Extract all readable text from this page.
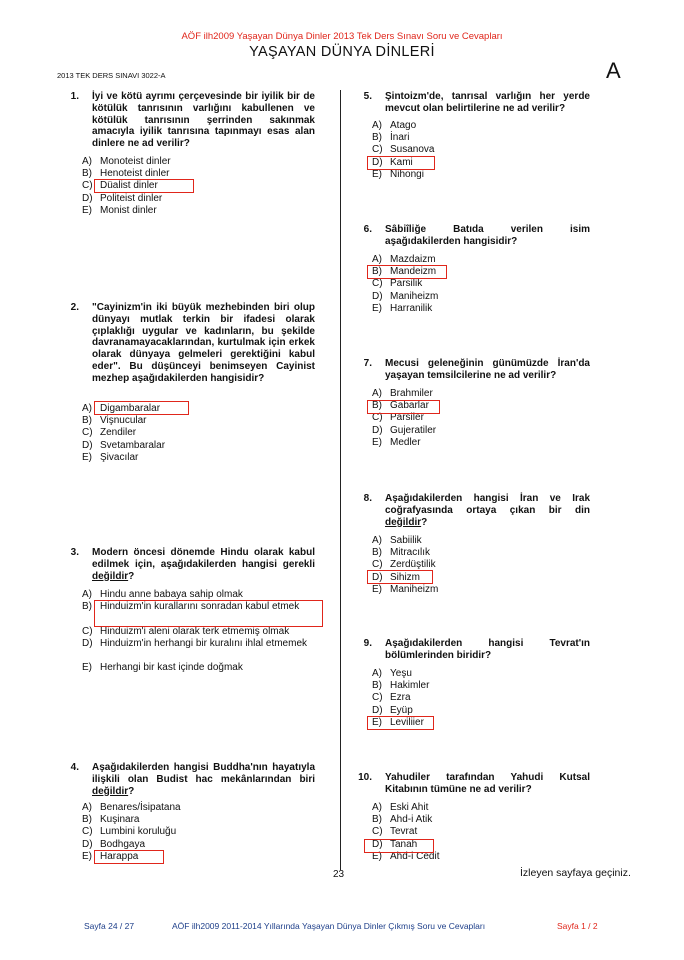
AÖF ilh2009 Yaşayan Dünya Dinler 2013 Tek Ders Sınavı Soru ve Cevapları
YAŞAYAN DÜNYA DİNLERİ
2013 TEK DERS SINAVI 3022-A	A
1. İyi ve kötü ayrımı çerçevesinde bir iyilik bir de kötülük tanrısının varlığını kabullenen ve kötülük tanrısının şerrinden sakınmak amacıyla iyilik tanrısına tapınmayı esas alan dinlere ne ad verilir?
A) Monoteist dinler
B) Henoteist dinler
C) Düalist dinler
D) Politeist dinler
E) Monist dinler
2. "Cayinizm'in iki büyük mezhebinden biri olup dünyayı mutlak terkin bir ifadesi olarak çıplaklığı uygular ve kadınların, bu şekilde davranamayacaklarından, kurtulmak için erkek olarak dünyaya gelmeleri gerektiğini kabul eder". Bu düşünceyi benimseyen Cayinist mezhep aşağıdakilerden hangisidir?
A) Digambaralar
B) Vişnucular
C) Zendiler
D) Svetambaralar
E) Şivacılar
3. Modern öncesi dönemde Hindu olarak kabul edilmek için, aşağıdakilerden hangisi gerekli değildir?
A) Hindu anne babaya sahip olmak
B) Hinduizm'in kurallarını sonradan kabul etmek
C) Hinduizm'i aleni olarak terk etmemiş olmak
D) Hinduizm'in herhangi bir kuralını ihlal etmemek
E) Herhangi bir kast içinde doğmak
4. Aşağıdakilerden hangisi Buddha'nın hayatıyla ilişkili olan Budist hac mekânlarından biri değildir?
A) Benares/İsipatana
B) Kuşinara
C) Lumbini koruluğu
D) Bodhgaya
E) Harappa
5. Şintoizm'de, tanrısal varlığın her yerde mevcut olan belirtilerine ne ad verilir?
A) Atago
B) İnari
C) Susanova
D) Kami
E) Nihongi
6. Sâbiîliğe Batıda verilen isim aşağıdakilerden hangisidir?
A) Mazdaizm
B) Mandeizm
C) Parsilik
D) Maniheizm
E) Harranilik
7. Mecusi geleneğinin günümüzde İran'da yaşayan temsilcilerine ne ad verilir?
A) Brahmiler
B) Gabarlar
C) Parsiler
D) Gujeratiler
E) Medler
8. Aşağıdakilerden hangisi İran ve Irak coğrafyasında ortaya çıkan bir din değildir?
A) Sabiilik
B) Mitracılık
C) Zerdüştilik
D) Sihizm
E) Maniheizm
9. Aşağıdakilerden hangisi Tevrat'ın bölümlerinden biridir?
A) Yeşu
B) Hakimler
C) Ezra
D) Eyüp
E) Leviliier
10. Yahudiler tarafından Yahudi Kutsal Kitabının tümüne ne ad verilir?
A) Eski Ahit
B) Ahd-i Atik
C) Tevrat
D) Tanah
E) Ahd-i Cedit
23	İzleyen sayfaya geçiniz.
Sayfa 24 / 27	AÖF ilh2009 2011-2014 Yıllarında Yaşayan Dünya Dinler Çıkmış Soru ve Cevapları	Sayfa 1 / 2
